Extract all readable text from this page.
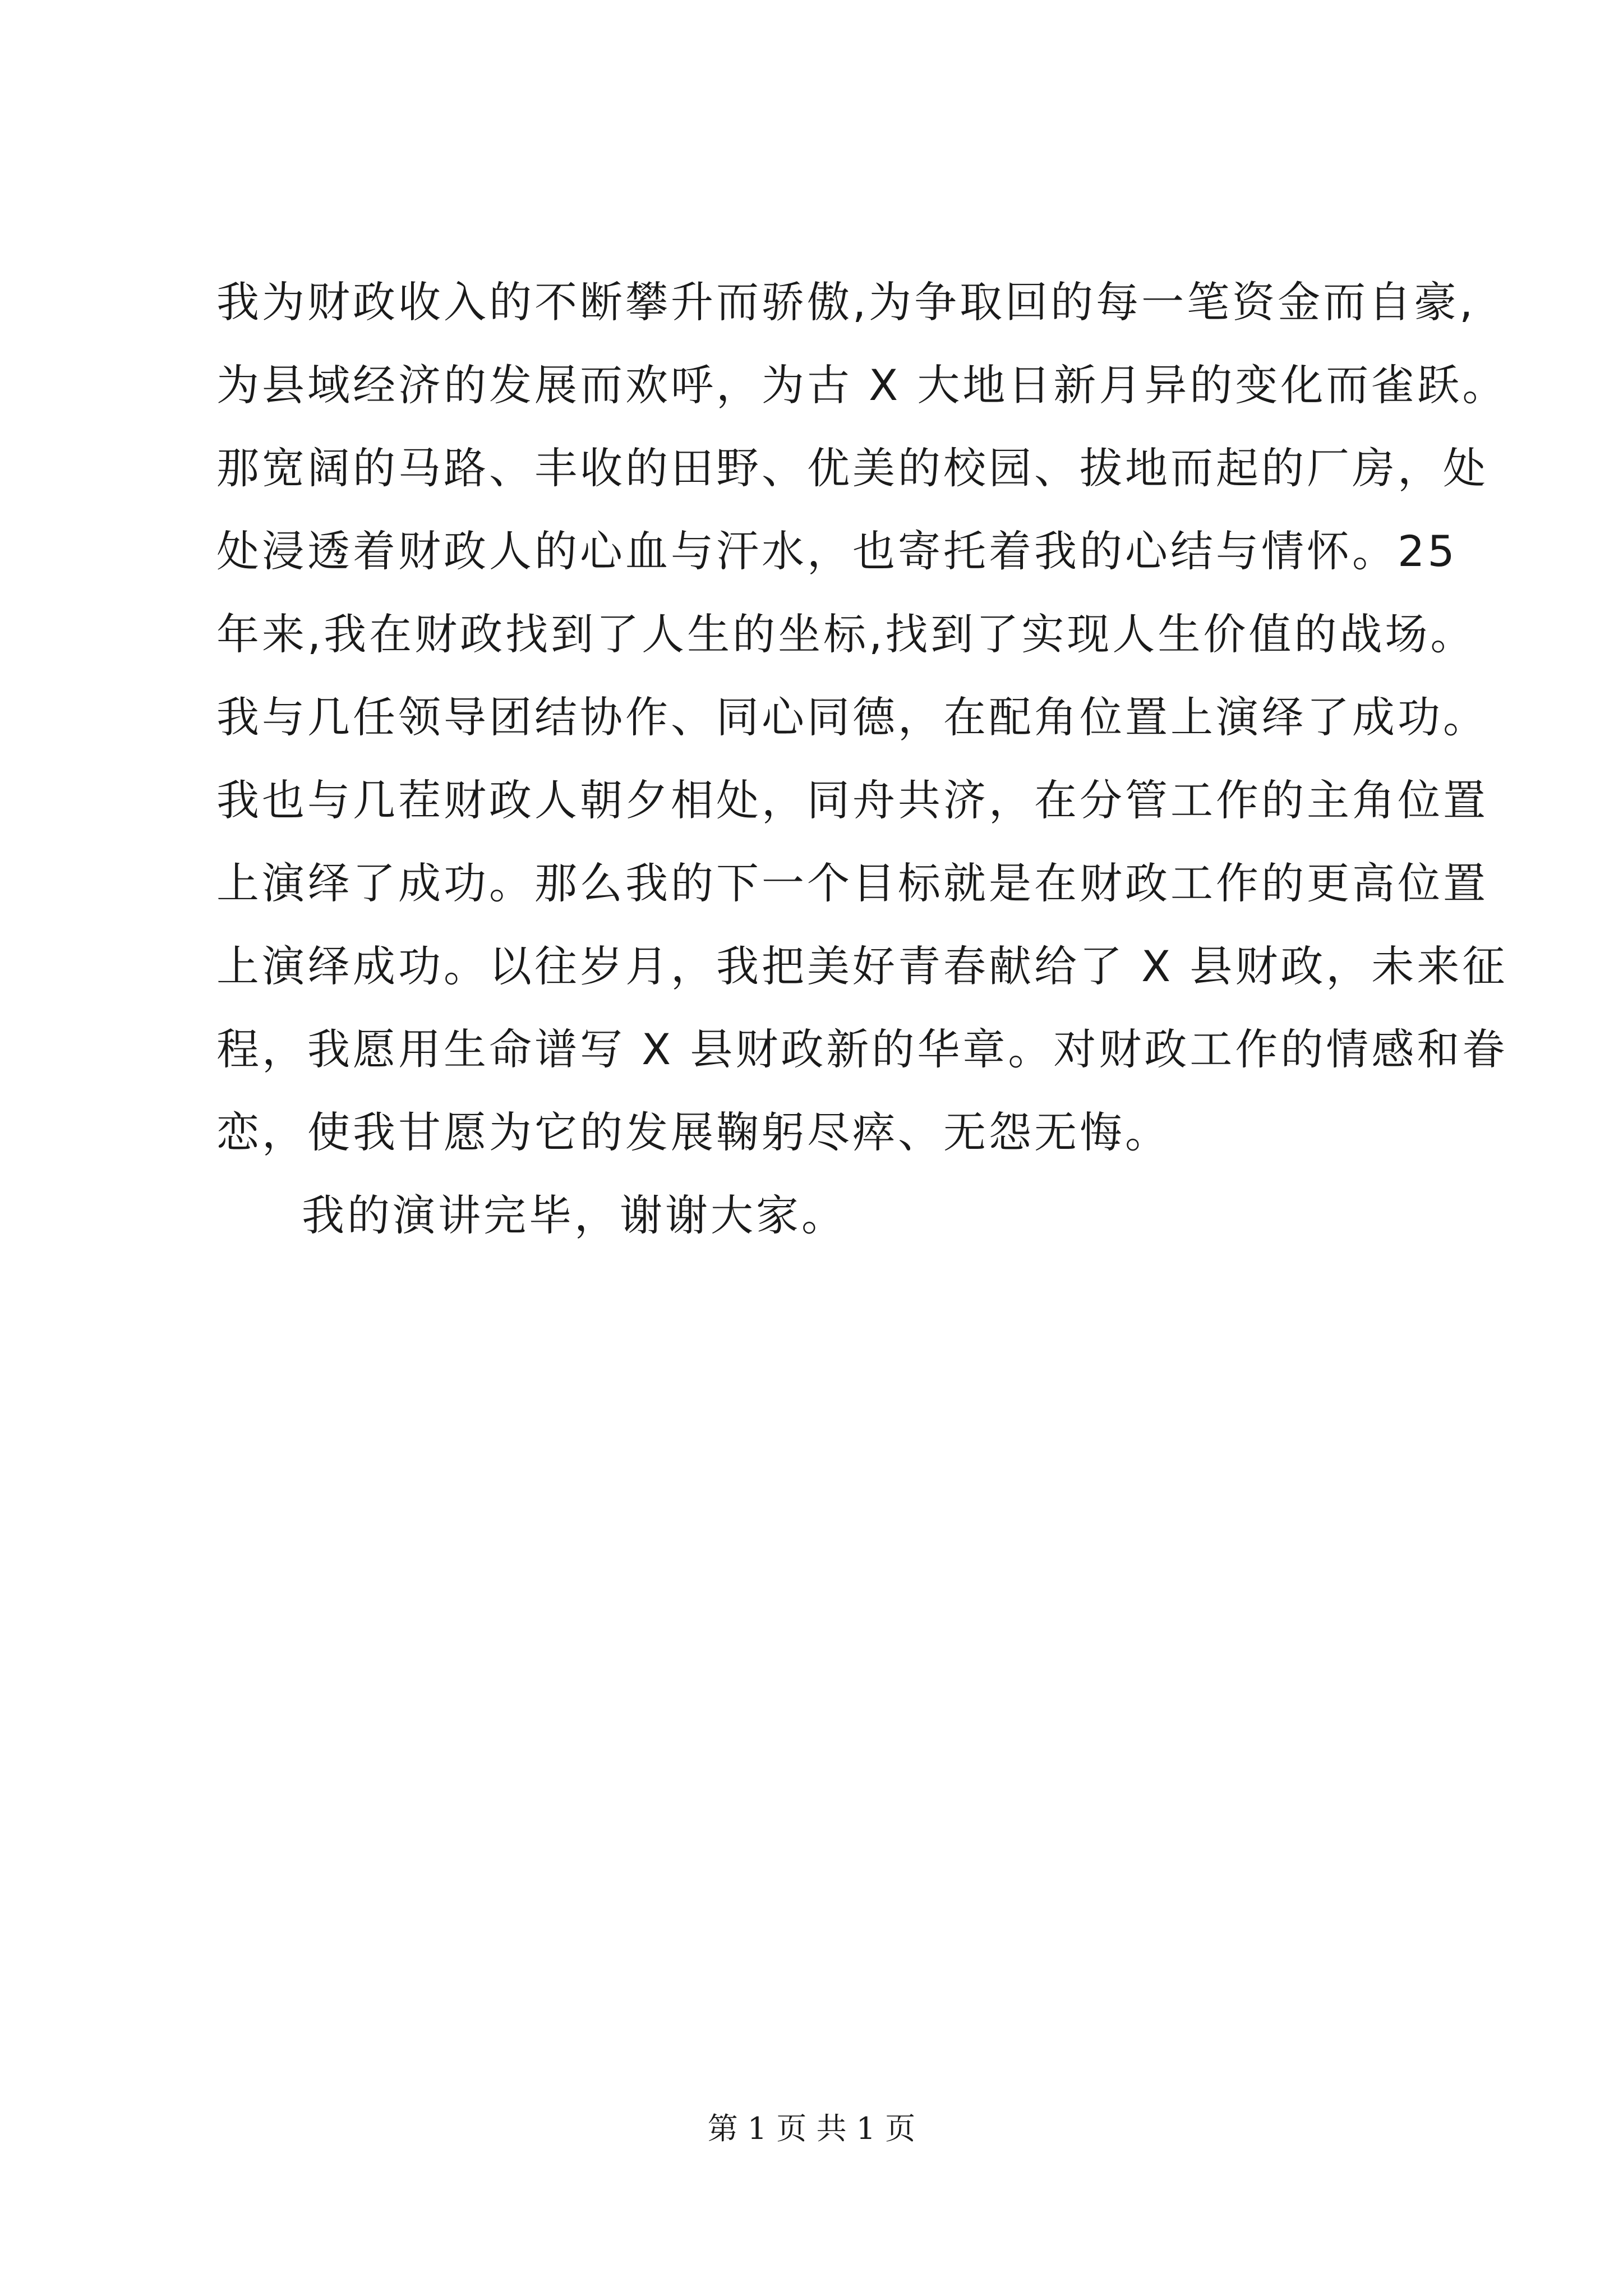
我为财政收入的不断攀升而骄傲,为争取回的每一笔资金而自豪,
为县域经济的发展而欢呼，为古 X 大地日新月异的变化而雀跃。
那宽阔的马路、丰收的田野、优美的校园、拔地而起的厂房，处
处浸透着财政人的心血与汗水，也寄托着我的心结与情怀。25
年来,我在财政找到了人生的坐标,找到了实现人生价值的战场。
我与几任领导团结协作、同心同德，在配角位置上演绎了成功。
我也与几茬财政人朝夕相处，同舟共济，在分管工作的主角位置
上演绎了成功。那么我的下一个目标就是在财政工作的更高位置
上演绎成功。以往岁月，我把美好青春献给了 X 县财政，未来征
程，我愿用生命谱写 X 县财政新的华章。对财政工作的情感和眷
恋，使我甘愿为它的发展鞠躬尽瘁、无怨无悔。
我的演讲完毕，谢谢大家。
第 1 页 共 1 页
